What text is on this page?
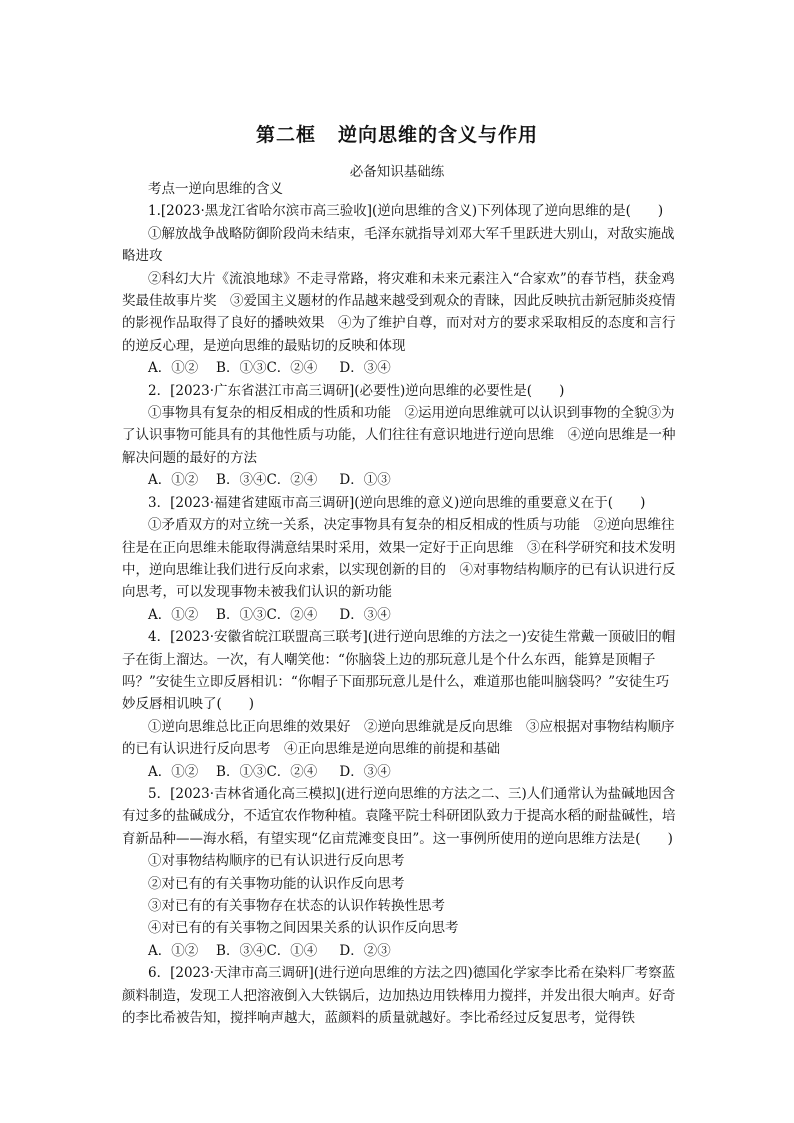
第二框 逆向思维的含义与作用

必备知识基础练

考点一逆向思维的含义

1.[2023·黑龙江省哈尔滨市高三验收](逆向思维的含义)下列体现了逆向思维的是(　　)

①解放战争战略防御阶段尚未结束，毛泽东就指导刘邓大军千里跃进大别山，对敌实施战略进攻

②科幻大片《流浪地球》不走寻常路，将灾难和未来元素注入“合家欢”的春节档，获金鸡奖最佳故事片奖　③爱国主义题材的作品越来越受到观众的青睐，因此反映抗击新冠肺炎疫情的影视作品取得了良好的播映效果　④为了维护自尊，而对对方的要求采取相反的态度和言行的逆反心理，是逆向思维的最贴切的反映和体现

A．①②　 B．①③C．②④　  D．③④

2．[2023·广东省湛江市高三调研](必要性)逆向思维的必要性是(　　)

①事物具有复杂的相反相成的性质和功能　②运用逆向思维就可以认识到事物的全貌③为了认识事物可能具有的其他性质与功能，人们往往有意识地进行逆向思维　④逆向思维是一种解决问题的最好的方法

A．①②　 B．③④C．②④　  D．①③

3．[2023·福建省建瓯市高三调研](逆向思维的意义)逆向思维的重要意义在于(　　)

①矛盾双方的对立统一关系，决定事物具有复杂的相反相成的性质与功能　②逆向思维往往是在正向思维未能取得满意结果时采用，效果一定好于正向思维　③在科学研究和技术发明中，逆向思维让我们进行反向求索，以实现创新的目的　④对事物结构顺序的已有认识进行反向思考，可以发现事物未被我们认识的新功能

A．①②　 B．①③C．②④　  D．③④

4．[2023·安徽省皖江联盟高三联考](进行逆向思维的方法之一)安徒生常戴一顶破旧的帽子在街上溜达。一次，有人嘲笑他：“你脑袋上边的那玩意儿是个什么东西，能算是顶帽子吗？”安徒生立即反唇相讥：“你帽子下面那玩意儿是什么，难道那也能叫脑袋吗？”安徒生巧妙反唇相讥映了(　　)

①逆向思维总比正向思维的效果好　②逆向思维就是反向思维　③应根据对事物结构顺序的已有认识进行反向思考　④正向思维是逆向思维的前提和基础

A．①②　 B．①③C．②④　  D．③④

5．[2023·吉林省通化高三模拟](进行逆向思维的方法之二、三)人们通常认为盐碱地因含有过多的盐碱成分，不适宜农作物种植。袁隆平院士科研团队致力于提高水稻的耐盐碱性，培育新品种——海水稻，有望实现“亿亩荒滩变良田”。这一事例所使用的逆向思维方法是(　　)

①对事物结构顺序的已有认识进行反向思考

②对已有的有关事物功能的认识作反向思考

③对已有的有关事物存在状态的认识作转换性思考

④对已有的有关事物之间因果关系的认识作反向思考

A．①②　 B．③④C．①④　  D．②③

6．[2023·天津市高三调研](进行逆向思维的方法之四)德国化学家李比希在染料厂考察蓝颜料制造，发现工人把溶液倒入大铁锅后，边加热边用铁棒用力搅拌，并发出很大响声。好奇的李比希被告知，搅拌响声越大，蓝颜料的质量就越好。李比希经过反复思考，觉得铁
